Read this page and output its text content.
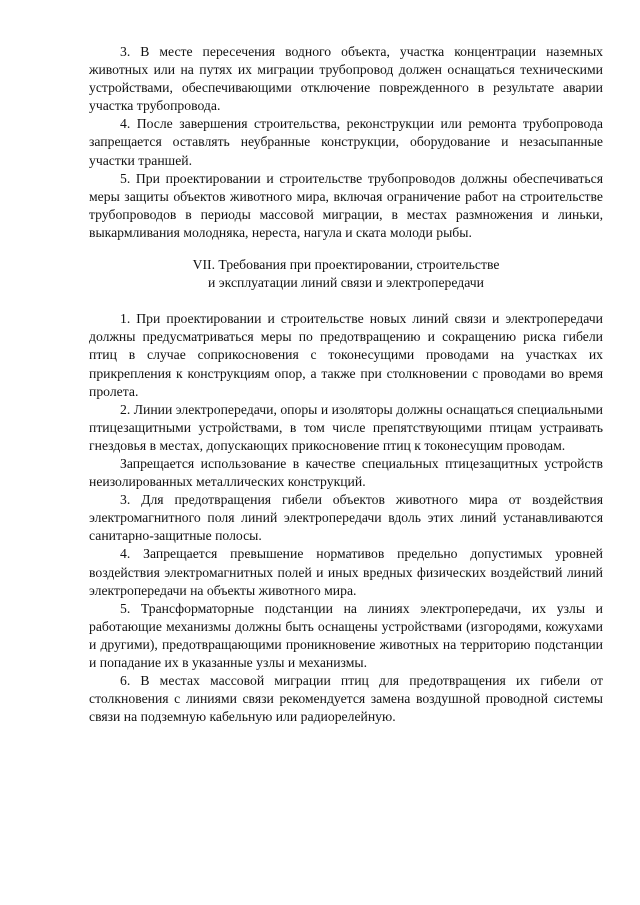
3. В месте пересечения водного объекта, участка концентрации наземных животных или на путях их миграции трубопровод должен оснащаться техническими устройствами, обеспечивающими отключение поврежденного в результате аварии участка трубопровода.

4. После завершения строительства, реконструкции или ремонта трубопровода запрещается оставлять неубранные конструкции, оборудование и незасыпанные участки траншей.

5. При проектировании и строительстве трубопроводов должны обеспечиваться меры защиты объектов животного мира, включая ограничение работ на строительстве трубопроводов в периоды массовой миграции, в местах размножения и линьки, выкармливания молодняка, нереста, нагула и ската молоди рыбы.

VII. Требования при проектировании, строительстве
и эксплуатации линий связи и электропередачи

1. При проектировании и строительстве новых линий связи и электропередачи должны предусматриваться меры по предотвращению и сокращению риска гибели птиц в случае соприкосновения с токонесущими проводами на участках их прикрепления к конструкциям опор, а также при столкновении с проводами во время пролета.

2. Линии электропередачи, опоры и изоляторы должны оснащаться специальными птицезащитными устройствами, в том числе препятствующими птицам устраивать гнездовья в местах, допускающих прикосновение птиц к токонесущим проводам.

Запрещается использование в качестве специальных птицезащитных устройств неизолированных металлических конструкций.

3. Для предотвращения гибели объектов животного мира от воздействия электромагнитного поля линий электропередачи вдоль этих линий устанавливаются санитарно-защитные полосы.

4. Запрещается превышение нормативов предельно допустимых уровней воздействия электромагнитных полей и иных вредных физических воздействий линий электропередачи на объекты животного мира.

5. Трансформаторные подстанции на линиях электропередачи, их узлы и работающие механизмы должны быть оснащены устройствами (изгородями, кожухами и другими), предотвращающими проникновение животных на территорию подстанции и попадание их в указанные узлы и механизмы.

6. В местах массовой миграции птиц для предотвращения их гибели от столкновения с линиями связи рекомендуется замена воздушной проводной системы связи на подземную кабельную или радиорелейную.
